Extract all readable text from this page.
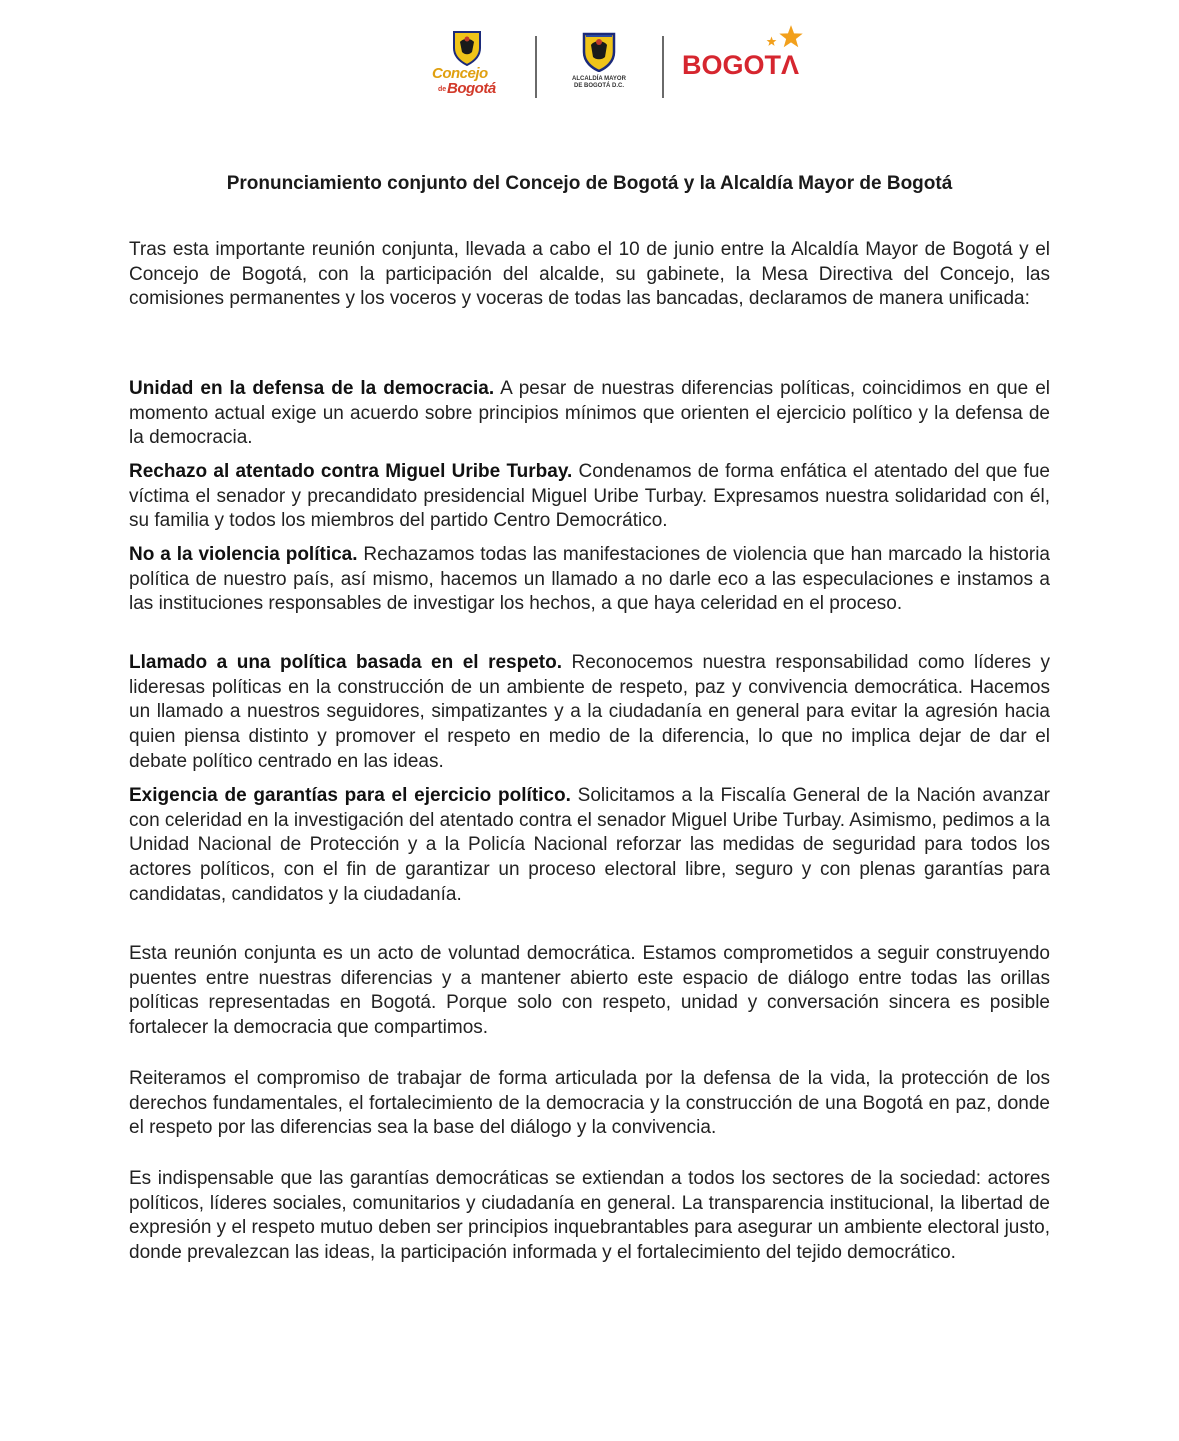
Concejo
de Bogotá
ALCALDÍA MAYOR
DE BOGOTÁ D.C.
BOGOTΛ
Pronunciamiento conjunto del Concejo de Bogotá y la Alcaldía Mayor de Bogotá
Tras esta importante reunión conjunta, llevada a cabo el 10 de junio entre la Alcaldía Mayor de Bogotá y el Concejo de Bogotá, con la participación del alcalde, su gabinete, la Mesa Directiva del Concejo, las comisiones permanentes y los voceros y voceras de todas las bancadas, declaramos de manera unificada:
Unidad en la defensa de la democracia. A pesar de nuestras diferencias políticas, coincidimos en que el momento actual exige un acuerdo sobre principios mínimos que orienten el ejercicio político y la defensa de la democracia.
Rechazo al atentado contra Miguel Uribe Turbay. Condenamos de forma enfática el atentado del que fue víctima el senador y precandidato presidencial Miguel Uribe Turbay. Expresamos nuestra solidaridad con él, su familia y todos los miembros del partido Centro Democrático.
No a la violencia política. Rechazamos todas las manifestaciones de violencia que han marcado la historia política de nuestro país, así mismo, hacemos un llamado a no darle eco a las especulaciones e instamos a las instituciones responsables de investigar los hechos, a que haya celeridad en el proceso.
Llamado a una política basada en el respeto. Reconocemos nuestra responsabilidad como líderes y lideresas políticas en la construcción de un ambiente de respeto, paz y convivencia democrática. Hacemos un llamado a nuestros seguidores, simpatizantes y a la ciudadanía en general para evitar la agresión hacia quien piensa distinto y promover el respeto en medio de la diferencia, lo que no implica dejar de dar el debate político centrado en las ideas.
Exigencia de garantías para el ejercicio político. Solicitamos a la Fiscalía General de la Nación avanzar con celeridad en la investigación del atentado contra el senador Miguel Uribe Turbay. Asimismo, pedimos a la Unidad Nacional de Protección y a la Policía Nacional reforzar las medidas de seguridad para todos los actores políticos, con el fin de garantizar un proceso electoral libre, seguro y con plenas garantías para candidatas, candidatos y la ciudadanía.
Esta reunión conjunta es un acto de voluntad democrática. Estamos comprometidos a seguir construyendo puentes entre nuestras diferencias y a mantener abierto este espacio de diálogo entre todas las orillas políticas representadas en Bogotá. Porque solo con respeto, unidad y conversación sincera es posible fortalecer la democracia que compartimos.
Reiteramos el compromiso de trabajar de forma articulada por la defensa de la vida, la protección de los derechos fundamentales, el fortalecimiento de la democracia y la construcción de una Bogotá en paz, donde el respeto por las diferencias sea la base del diálogo y la convivencia.
Es indispensable que las garantías democráticas se extiendan a todos los sectores de la sociedad: actores políticos, líderes sociales, comunitarios y ciudadanía en general. La transparencia institucional, la libertad de expresión y el respeto mutuo deben ser principios inquebrantables para asegurar un ambiente electoral justo, donde prevalezcan las ideas, la participación informada y el fortalecimiento del tejido democrático.
